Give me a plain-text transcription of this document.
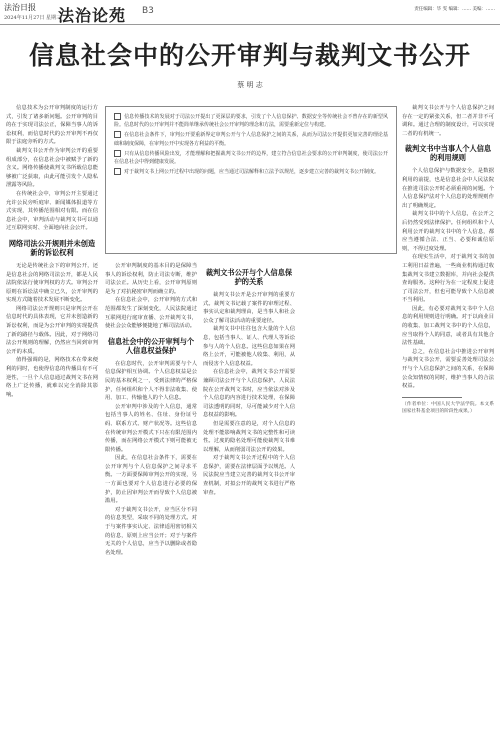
法治日报
2024年11月27日 星期三
法治论苑 B3	责任编辑：毕 雯 编辑：…… 美编：……
信息社会中的公开审判与裁判文书公开
蔡 明 志

信息技术为公开审判制度的运行方式，引发了诸多新问题。公开审判的目的在于实现司法公正，保障当事人的诉讼权利，而信息时代的公开审判不再仅限于法庭旁听的方式。

裁判文书公开作为审判公开的重要组成部分，在信息社会中被赋予了新的含义。网络传播使裁判文书所载信息能够被广泛获取，由此可能引发个人隐私泄露等风险。

在传统社会中，审判公开主要通过允许公民旁听庭审、新闻媒体报道等方式实现，其传播范围相对有限。而在信息社会中，审判活动与裁判文书可以通过互联网实时、全面地向社会公开。

网络司法公开规则并未创造新的诉讼权利

无论是传统社会下的审判公开，还是信息社会的网络司法公开，都是人民法院依法行使审判权的方式。审判公开原则在诉讼法中确立已久，公开审判的实现方式随着技术发展不断变化。

网络司法公开规则只是审判公开在信息时代的具体表现，它并未创造新的诉讼权利，而是为公开审判的实现提供了新的路径与载体。因此，对于网络司法公开规则的理解，仍然应当回到审判公开的本质。

值得强调的是，网络技术在带来便利的同时，也使得信息的传播具有不可逆性，一旦个人信息通过裁判文书在网络上广泛传播，就难以完全消除其影响。

信息传播技术的发展对于司法公开提出了更深层的要求，引发了个人信息保护、数据安全等传统社会不曾存在的新型风险。信息时代的公开审判并不能简单继承传统社会公开审判的理念和方法，需要重新定位与构建。
在信息社会条件下，审判公开要重新界定审判公开与个人信息保护之间的关系，从而为司法公开提供更加完善的理论基础和制度保障，在审判公开中实现各方利益的平衡。
只有从信息传播风险出发，才能理解和把握裁判文书公开的边界，建立符合信息社会要求的公开审判制度，使司法公开在信息社会中得到健康发展。
对于裁判文书上网公开过程中出现的问题，应当通过司法解释和立法予以规范，逐步建立完善的裁判文书公开制度。

公开审判制度的基本目的是保障当事人的诉讼权利，防止司法专断，维护司法公正。从历史上看，公开审判原则是为了对抗秘密审判而确立的。

在信息社会中，公开审判的方式和范围都发生了深刻变化，人民法院通过互联网进行庭审直播、公开裁判文书，使社会公众能够便捷地了解司法活动。

信息社会中的公开审判与个人信息权益保护

在信息时代，公开审判需要与个人信息保护相互协调。个人信息权益是公民的基本权利之一，受到法律的严格保护，任何组织和个人不得非法收集、使用、加工、传输他人的个人信息。

公开审判中涉及的个人信息，通常包括当事人的姓名、住址、身份证号码、联系方式、财产状况等。这些信息在传统审判公开模式下只在有限范围内传播，而在网络公开模式下则可能被无限传播。

因此，在信息社会条件下，需要在公开审判与个人信息保护之间寻求平衡。一方面要保障审判公开的实现，另一方面也要对个人信息进行必要的保护，防止因审判公开而导致个人信息被滥用。

对于裁判文书公开，应当区分不同的信息类型，采取不同的处理方式。对于与案件事实认定、法律适用密切相关的信息，原则上应当公开；对于与案件无关的个人信息，应当予以删除或者隐名处理。

裁判文书公开与个人信息保护的关系

裁判文书公开是公开审判的重要方式。裁判文书记载了案件的审理过程、事实认定和裁判理由，是当事人和社会公众了解司法活动的重要途径。

裁判文书中往往包含大量的个人信息，包括当事人、证人、代理人等诉讼参与人的个人信息。这些信息如果在网络上公开，可能被他人收集、利用，从而侵害个人信息权益。

在信息社会中，裁判文书公开需要兼顾司法公开与个人信息保护。人民法院在公开裁判文书时，应当依法对涉及个人信息的内容进行技术处理，在保障司法透明的同时，尽可能减少对个人信息权益的影响。

但是需要注意的是，对个人信息的处理不能影响裁判文书的完整性和可读性。过度的隐名处理可能使裁判文书难以理解，从而削弱司法公开的效果。

对于裁判文书公开过程中的个人信息保护，需要在法律层面予以规范。人民法院应当建立完善的裁判文书公开审查机制，对拟公开的裁判文书进行严格审查。

裁判文书公开与个人信息保护之间存在一定的紧张关系，但二者并非不可调和。通过合理的制度设计，可以实现二者的有机统一。

裁判文书中当事人个人信息的利用规则

个人信息保护与数据安全，是数据利用的前提，也是信息社会中人民法院在推进司法公开时必须重视的问题。个人信息保护法对个人信息的处理规则作出了明确规定。

裁判文书中的个人信息，在公开之后仍然受到法律保护。任何组织和个人利用公开的裁判文书中的个人信息，都应当遵循合法、正当、必要和诚信原则，不得过度处理。

在现实生活中，对于裁判文书的加工利用日益普遍，一些商业机构通过收集裁判文书建立数据库，并向社会提供查询服务。这种行为在一定程度上促进了司法公开，但也可能导致个人信息被不当利用。

因此，有必要对裁判文书中个人信息的利用规则进行明确。对于以商业目的收集、加工裁判文书中的个人信息，应当取得个人的同意，或者具有其他合法性基础。

总之，在信息社会中推进公开审判与裁判文书公开，需要妥善处理司法公开与个人信息保护之间的关系，在保障公众知情权的同时，维护当事人的合法权益。

（作者单位：中国人民大学法学院。本文系国家社科基金项目的阶段性成果。）
